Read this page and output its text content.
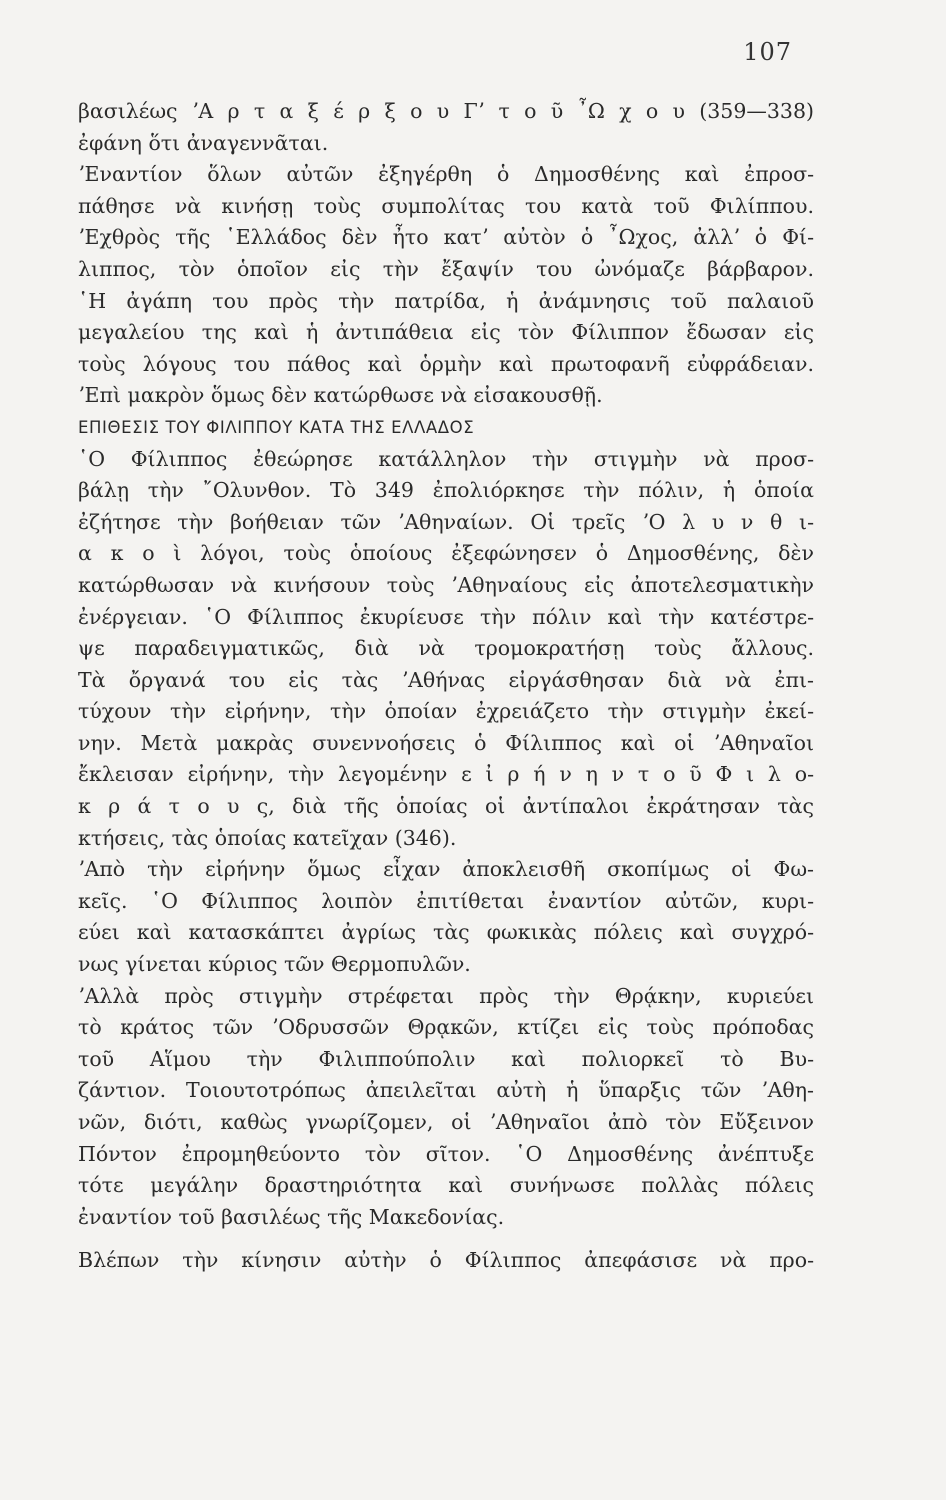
107
βασιλέως ʼΑ ρ τ α ξ έ ρ ξ ο υ Γʼ τ ο ῦ ῏Ω χ ο υ (359—338)
ἐφάνη ὅτι ἀναγεννᾶται.
ʼΕναντίον ὅλων αὐτῶν ἐξηγέρθη ὁ Δημοσθένης καὶ ἐπροσ-
πάθησε νὰ κινήσῃ τοὺς συμπολίτας του κατὰ τοῦ Φιλίππου.
ʼΕχθρὸς τῆς ῾Ελλάδος δὲν ἦτο κατʼ αὐτὸν ὁ ῏Ωχος, ἀλλʼ ὁ Φί-
λιππος, τὸν ὁποῖον εἰς τὴν ἔξαψίν του ὠνόμαζε βάρβαρον.
῾Η ἀγάπη του πρὸς τὴν πατρίδα, ἡ ἀνάμνησις τοῦ παλαιοῦ
μεγαλείου της καὶ ἡ ἀντιπάθεια εἰς τὸν Φίλιππον ἔδωσαν εἰς
τοὺς λόγους του πάθος καὶ ὁρμὴν καὶ πρωτοφανῆ εὐφράδειαν.
ʼΕπὶ μακρὸν ὅμως δὲν κατώρθωσε νὰ εἰσακουσθῇ.
ΕΠΙΘΕΣΙΣ ΤΟΥ ΦΙΛΙΠΠΟΥ ΚΑΤΑ ΤΗΣ ΕΛΛΑΔΟΣ
῾Ο Φίλιππος ἐθεώρησε κατάλληλον τὴν στιγμὴν νὰ προσ-
βάλῃ τὴν ῎Ολυνθον. Τὸ 349 ἐπολιόρκησε τὴν πόλιν, ἡ ὁποία
ἐζήτησε τὴν βοήθειαν τῶν ʼΑθηναίων. Οἱ τρεῖς ʼΟ λ υ ν θ ι-
α κ ο ὶ λόγοι, τοὺς ὁποίους ἐξεφώνησεν ὁ Δημοσθένης, δὲν
κατώρθωσαν νὰ κινήσουν τοὺς ʼΑθηναίους εἰς ἀποτελεσματικὴν
ἐνέργειαν. ῾Ο Φίλιππος ἐκυρίευσε τὴν πόλιν καὶ τὴν κατέστρε-
ψε παραδειγματικῶς, διὰ νὰ τρομοκρατήσῃ τοὺς ἄλλους.
Τὰ ὄργανά του εἰς τὰς ʼΑθήνας εἰργάσθησαν διὰ νὰ ἐπι-
τύχουν τὴν εἰρήνην, τὴν ὁποίαν ἐχρειάζετο τὴν στιγμὴν ἐκεί-
νην. Μετὰ μακρὰς συνεννοήσεις ὁ Φίλιππος καὶ οἱ ʼΑθηναῖοι
ἔκλεισαν εἰρήνην, τὴν λεγομένην ε ἰ ρ ή ν η ν τ ο ῦ Φ ι λ ο-
κ ρ ά τ ο υ ς, διὰ τῆς ὁποίας οἱ ἀντίπαλοι ἐκράτησαν τὰς
κτήσεις, τὰς ὁποίας κατεῖχαν (346).
ʼΑπὸ τὴν εἰρήνην ὅμως εἶχαν ἀποκλεισθῆ σκοπίμως οἱ Φω-
κεῖς. ῾Ο Φίλιππος λοιπὸν ἐπιτίθεται ἐναντίον αὐτῶν, κυρι-
εύει καὶ κατασκάπτει ἀγρίως τὰς φωκικὰς πόλεις καὶ συγχρό-
νως γίνεται κύριος τῶν Θερμοπυλῶν.
ʼΑλλὰ πρὸς στιγμὴν στρέφεται πρὸς τὴν Θρᾴκην, κυριεύει
τὸ κράτος τῶν ʼΟδρυσσῶν Θρᾳκῶν, κτίζει εἰς τοὺς πρόποδας
τοῦ Αἵμου τὴν Φιλιππούπολιν καὶ πολιορκεῖ τὸ Βυ-
ζάντιον. Τοιουτοτρόπως ἀπειλεῖται αὐτὴ ἡ ὕπαρξις τῶν ʼΑθη-
νῶν, διότι, καθὼς γνωρίζομεν, οἱ ʼΑθηναῖοι ἀπὸ τὸν Εὔξεινον
Πόντον ἐπρομηθεύοντο τὸν σῖτον. ῾Ο Δημοσθένης ἀνέπτυξε
τότε μεγάλην δραστηριότητα καὶ συνήνωσε πολλὰς πόλεις
ἐναντίον τοῦ βασιλέως τῆς Μακεδονίας.
Βλέπων τὴν κίνησιν αὐτὴν ὁ Φίλιππος ἀπεφάσισε νὰ προ-
